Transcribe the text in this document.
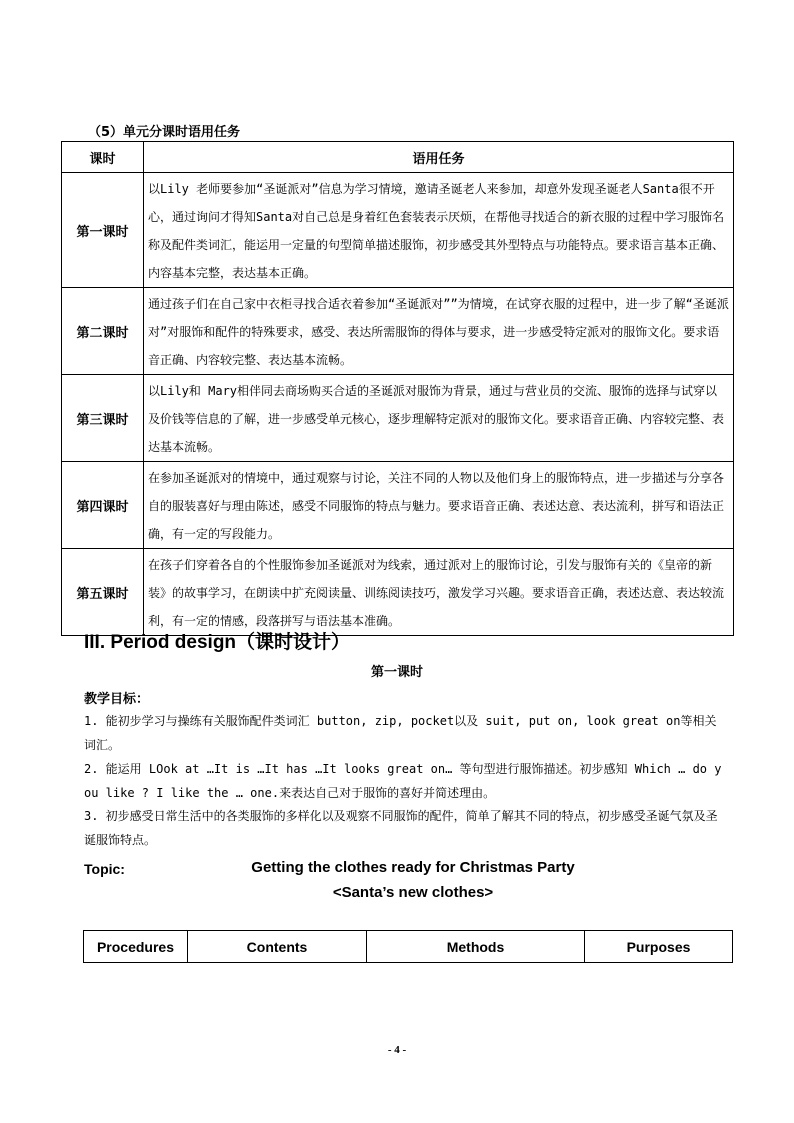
（5）单元分课时语用任务
课时	语用任务
第一课时	以Lily 老师要参加“圣诞派对”信息为学习情境，邀请圣诞老人来参加，却意外发现圣诞老人Santa很不开心，通过询问才得知Santa对自己总是身着红色套装表示厌烦，在帮他寻找适合的新衣服的过程中学习服饰名称及配件类词汇，能运用一定量的句型简单描述服饰，初步感受其外型特点与功能特点。要求语言基本正确、内容基本完整，表达基本正确。
第二课时	通过孩子们在自己家中衣柜寻找合适衣着参加“圣诞派对””为情境，在试穿衣服的过程中，进一步了解“圣诞派对”对服饰和配件的特殊要求，感受、表达所需服饰的得体与要求，进一步感受特定派对的服饰文化。要求语音正确、内容较完整、表达基本流畅。
第三课时	以Lily和 Mary相伴同去商场购买合适的圣诞派对服饰为背景，通过与营业员的交流、服饰的选择与试穿以及价钱等信息的了解，进一步感受单元核心，逐步理解特定派对的服饰文化。要求语音正确、内容较完整、表达基本流畅。
第四课时	在参加圣诞派对的情境中，通过观察与讨论，关注不同的人物以及他们身上的服饰特点，进一步描述与分享各自的服装喜好与理由陈述，感受不同服饰的特点与魅力。要求语音正确、表述达意、表达流利，拼写和语法正确，有一定的写段能力。
第五课时	在孩子们穿着各自的个性服饰参加圣诞派对为线索，通过派对上的服饰讨论，引发与服饰有关的《皇帝的新装》的故事学习，在朗读中扩充阅读量、训练阅读技巧，激发学习兴趣。要求语音正确，表述达意、表达较流利，有一定的情感，段落拼写与语法基本准确。
III. Period design（课时设计）
第一课时
教学目标：
1. 能初步学习与操练有关服饰配件类词汇 button, zip, pocket以及 suit, put on, look great on等相关词汇。
2. 能运用 LOok at …It is …It has …It looks great on… 等句型进行服饰描述。初步感知 Which … do you like ? I like the … one.来表达自己对于服饰的喜好并简述理由。
3. 初步感受日常生活中的各类服饰的多样化以及观察不同服饰的配件，简单了解其不同的特点，初步感受圣诞气氛及圣诞服饰特点。
Topic:	Getting the clothes ready for Christmas Party
<Santa’s new clothes>
Procedures	Contents	Methods	Purposes
- 4 -
